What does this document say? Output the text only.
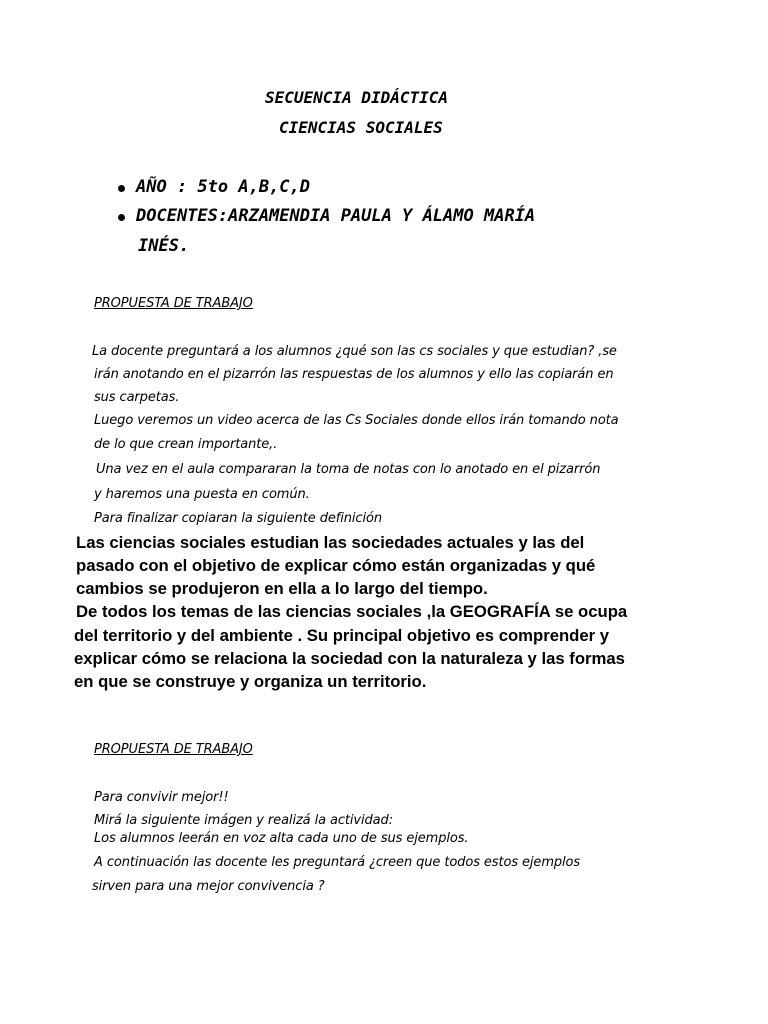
SECUENCIA DIDÁCTICA
CIENCIAS SOCIALES
AÑO : 5to A,B,C,D
DOCENTES:ARZAMENDIA PAULA Y ÁLAMO MARÍA
INÉS.
PROPUESTA DE TRABAJO
La docente preguntará a los alumnos ¿qué son las cs sociales y que estudian? ,se
irán anotando en el pizarrón las respuestas de los alumnos y ello las copiarán en
sus carpetas.
Luego veremos un video acerca de las Cs Sociales donde ellos irán tomando nota
de lo que crean importante,.
Una vez en el aula compararan la toma de notas con lo anotado en el pizarrón
y haremos una puesta en común.
Para finalizar copiaran la siguiente definición
Las ciencias sociales estudian las sociedades actuales y las del
pasado con el objetivo de explicar cómo están organizadas y qué
cambios se produjeron en ella a lo largo del tiempo.
De todos los temas de las ciencias sociales ,la GEOGRAFÍA se ocupa
del territorio y del ambiente . Su principal objetivo es comprender y
explicar cómo se relaciona la sociedad con la naturaleza y las formas
en que se construye y organiza un territorio.
PROPUESTA DE TRABAJO
Para convivir mejor!!
Mirá la siguiente imágen y realizá la actividad:
Los alumnos leerán en voz alta cada uno de sus ejemplos.
A continuación las docente les preguntará ¿creen que todos estos ejemplos
sirven para una mejor convivencia ?
